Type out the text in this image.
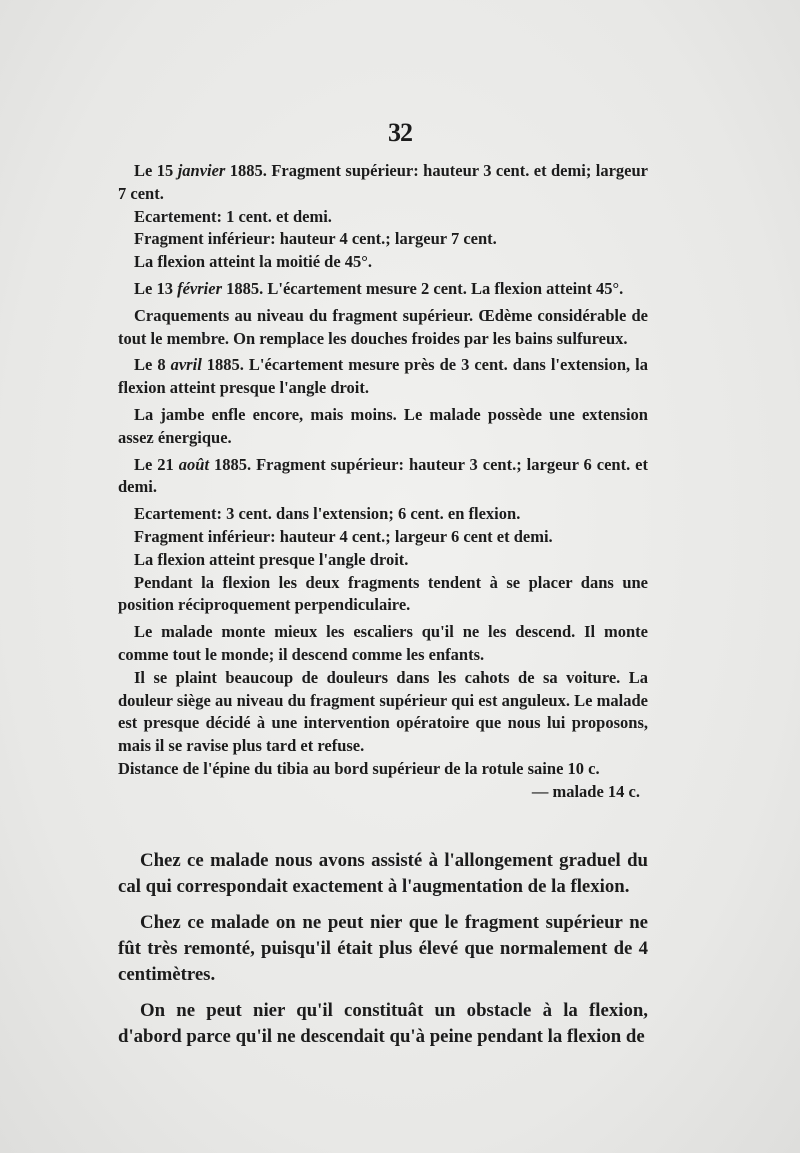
32

Le 15 janvier 1885. Fragment supérieur: hauteur 3 cent. et demi; largeur 7 cent.

Ecartement: 1 cent. et demi.

Fragment inférieur: hauteur 4 cent.; largeur 7 cent.

La flexion atteint la moitié de 45°.

Le 13 février 1885. L'écartement mesure 2 cent. La flexion atteint 45°.

Craquements au niveau du fragment supérieur. Œdème considérable de tout le membre. On remplace les douches froides par les bains sulfureux.

Le 8 avril 1885. L'écartement mesure près de 3 cent. dans l'extension, la flexion atteint presque l'angle droit.

La jambe enfle encore, mais moins. Le malade possède une extension assez énergique.

Le 21 août 1885. Fragment supérieur: hauteur 3 cent.; largeur 6 cent. et demi.

Ecartement: 3 cent. dans l'extension; 6 cent. en flexion.

Fragment inférieur: hauteur 4 cent.; largeur 6 cent et demi.

La flexion atteint presque l'angle droit.

Pendant la flexion les deux fragments tendent à se placer dans une position réciproquement perpendiculaire.

Le malade monte mieux les escaliers qu'il ne les descend. Il monte comme tout le monde; il descend comme les enfants.

Il se plaint beaucoup de douleurs dans les cahots de sa voiture. La douleur siège au niveau du fragment supérieur qui est anguleux. Le malade est presque décidé à une intervention opératoire que nous lui proposons, mais il se ravise plus tard et refuse.

Distance de l'épine du tibia au bord supérieur de la rotule saine 10 c.

— malade 14 c.

Chez ce malade nous avons assisté à l'allongement graduel du cal qui correspondait exactement à l'augmentation de la flexion.

Chez ce malade on ne peut nier que le fragment supérieur ne fût très remonté, puisqu'il était plus élevé que normalement de 4 centimètres.

On ne peut nier qu'il constituât un obstacle à la flexion, d'abord parce qu'il ne descendait qu'à peine pendant la flexion de
